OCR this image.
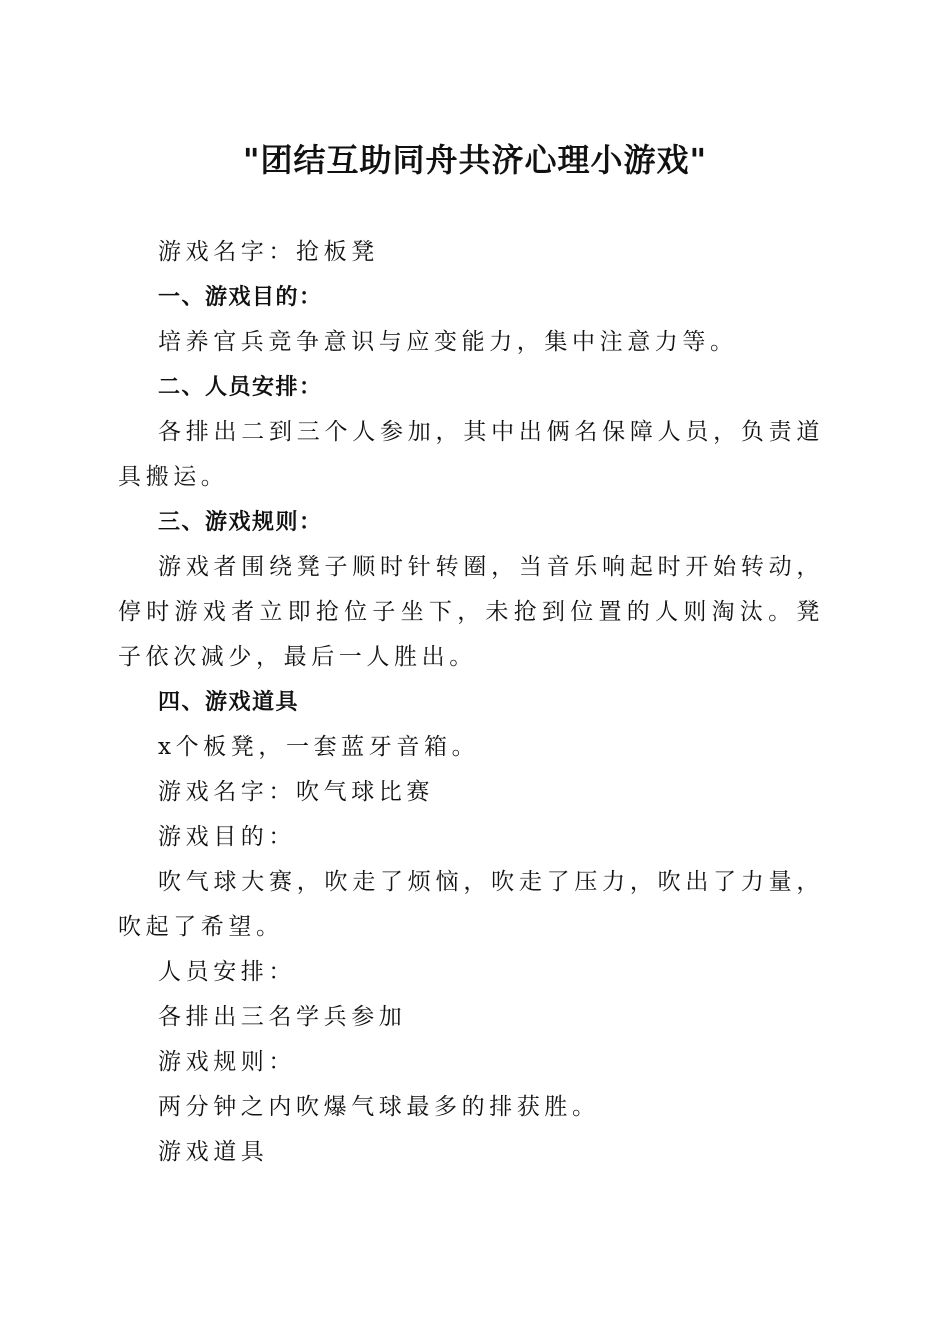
"团结互助同舟共济心理小游戏"

游戏名字：抢板凳

一、游戏目的：

培养官兵竞争意识与应变能力，集中注意力等。

二、人员安排：

各排出二到三个人参加，其中出俩名保障人员，负责道具搬运。

三、游戏规则：

游戏者围绕凳子顺时针转圈，当音乐响起时开始转动，停时游戏者立即抢位子坐下，未抢到位置的人则淘汰。凳子依次减少，最后一人胜出。

四、游戏道具

x个板凳，一套蓝牙音箱。

游戏名字：吹气球比赛

游戏目的：

吹气球大赛，吹走了烦恼，吹走了压力，吹出了力量，吹起了希望。

人员安排：

各排出三名学兵参加

游戏规则：

两分钟之内吹爆气球最多的排获胜。

游戏道具
